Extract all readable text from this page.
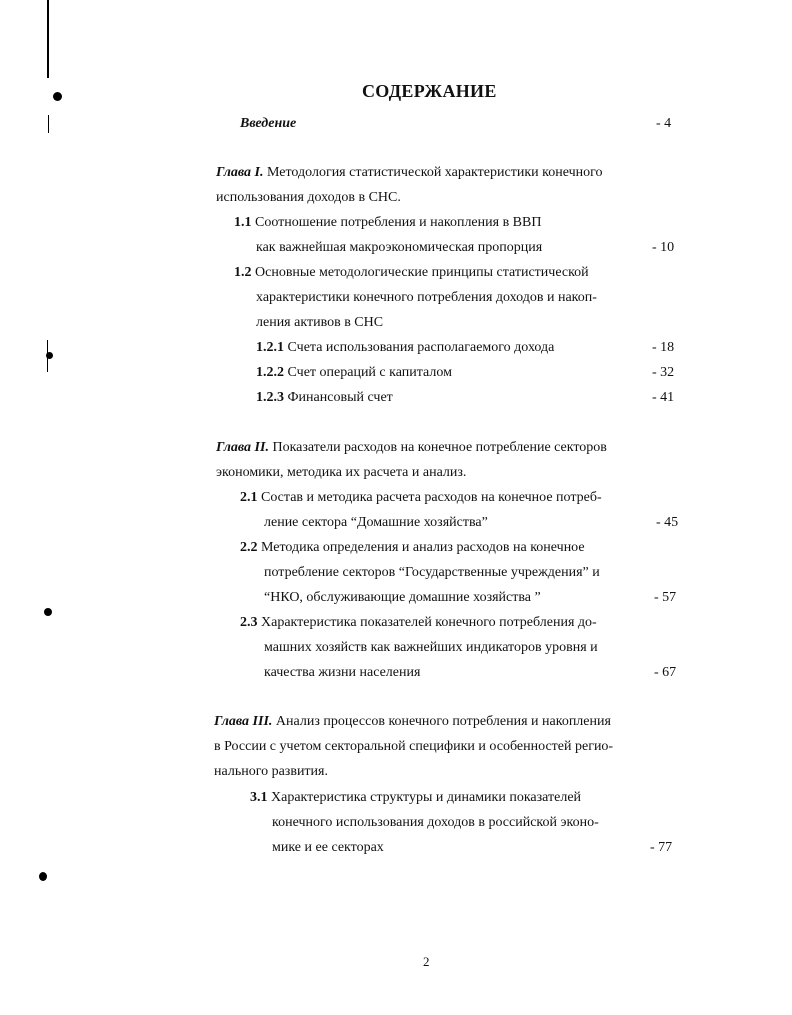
СОДЕРЖАНИЕ
Введение	- 4
Глава I. Методология статистической характеристики конечного
использования доходов в СНС.
1.1 Соотношение потребления и накопления в ВВП
как важнейшая макроэкономическая пропорция	- 10
1.2 Основные методологические принципы статистической
характеристики конечного потребления доходов и накоп-
ления активов в СНС
1.2.1 Счета использования располагаемого дохода	- 18
1.2.2 Счет операций с капиталом	- 32
1.2.3 Финансовый счет	- 41
Глава II. Показатели расходов на конечное потребление секторов
экономики, методика их расчета и анализ.
2.1 Состав и методика расчета расходов на конечное потреб-
ление сектора “Домашние хозяйства”	- 45
2.2 Методика определения и анализ расходов на конечное
потребление секторов “Государственные учреждения” и
“НКО, обслуживающие домашние хозяйства ”	- 57
2.3 Характеристика показателей конечного потребления до-
машних хозяйств как важнейших индикаторов уровня и
качества жизни населения	- 67
Глава III. Анализ процессов конечного потребления и накопления
в России с учетом секторальной специфики и особенностей регио-
нального развития.
3.1 Характеристика структуры и динамики показателей
конечного использования доходов в российской эконо-
мике и ее секторах	- 77
2
